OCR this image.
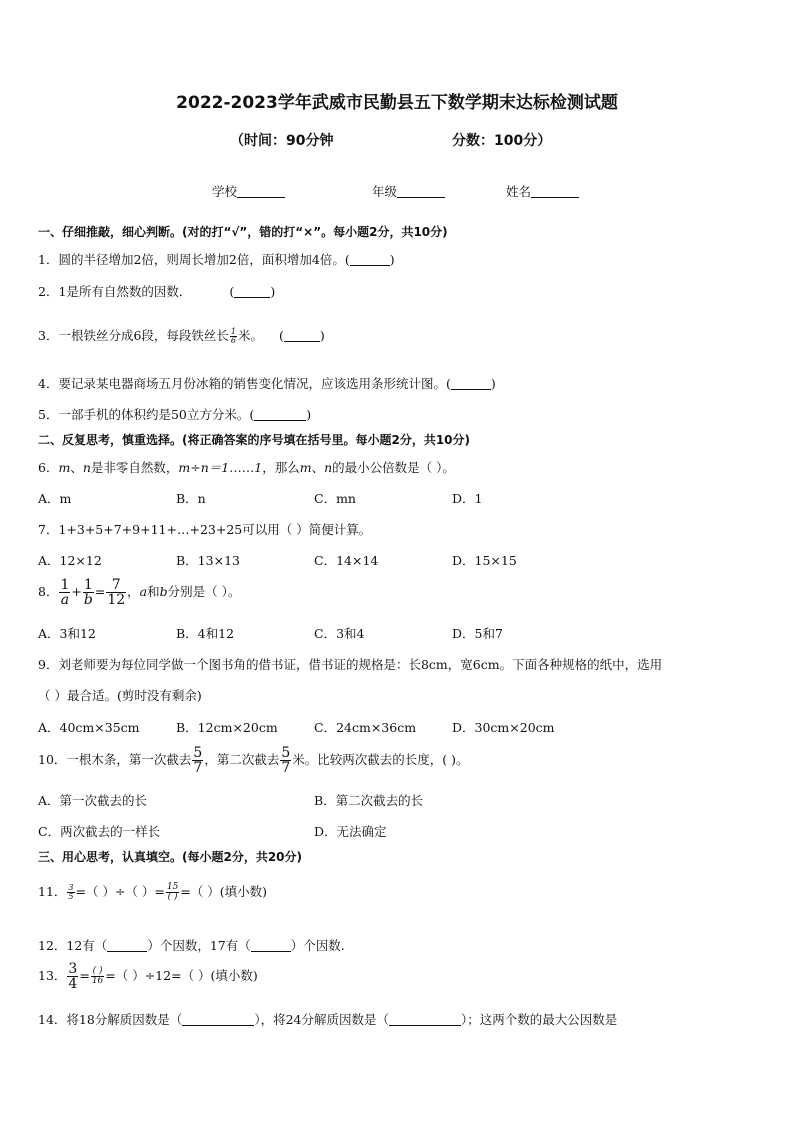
2022-2023学年武威市民勤县五下数学期末达标检测试题
（时间：90分钟	分数：100分）
学校	年级	姓名
一、仔细推敲，细心判断。(对的打“√”，错的打“×”。每小题2分，共10分)
1．圆的半径增加2倍，则周长增加2倍，面积增加4倍。(	)
2．1是所有自然数的因数．	(	)
3．一根铁丝分成6段，每段铁丝长 $\frac{1}{6}$ 米。 (	)
4．要记录某电器商场五月份冰箱的销售变化情况，应该选用条形统计图。(	)
5．一部手机的体积约是50立方分米。(	)
二、反复思考，慎重选择。(将正确答案的序号填在括号里。每小题2分，共10分)
6．m、n是非零自然数，m÷n＝1……1，那么m、n的最小公倍数是（ ）。
A．m	B．n	C．mn	D．1
7．1+3+5+7+9+11+…+23+25可以用（ ）简便计算。
A．12×12	B．13×13	C．14×14	D．15×15
8． $\frac{1}{a} + \frac{1}{b} = \frac{7}{12}$ ，a和b分别是（ ）。
A．3和12	B．4和12	C．3和4	D．5和7
9．刘老师要为每位同学做一个图书角的借书证，借书证的规格是：长8cm，宽6cm。下面各种规格的纸中，选用
（ ）最合适。(剪时没有剩余)
A．40cm×35cm	B．12cm×20cm	C．24cm×36cm	D．30cm×20cm
10．一根木条，第一次截去 $\frac{5}{7}$ ，第二次截去 $\frac{5}{7}$ 米。比较两次截去的长度，( )。
A．第一次截去的长	B．第二次截去的长
C．两次截去的一样长	D．无法确定
三、用心思考，认真填空。(每小题2分，共20分)
11． $\frac{3}{5}$ =（ ）÷（ ）= $\frac{15}{( )}$ =（ ）(填小数)
12．12有（	）个因数，17有（	）个因数.
13． $\frac{3}{4} = \frac{( )}{16}$ =（ ）÷12=（ ）(填小数)
14．将18分解质因数是（	），将24分解质因数是（	）；这两个数的最大公因数是
